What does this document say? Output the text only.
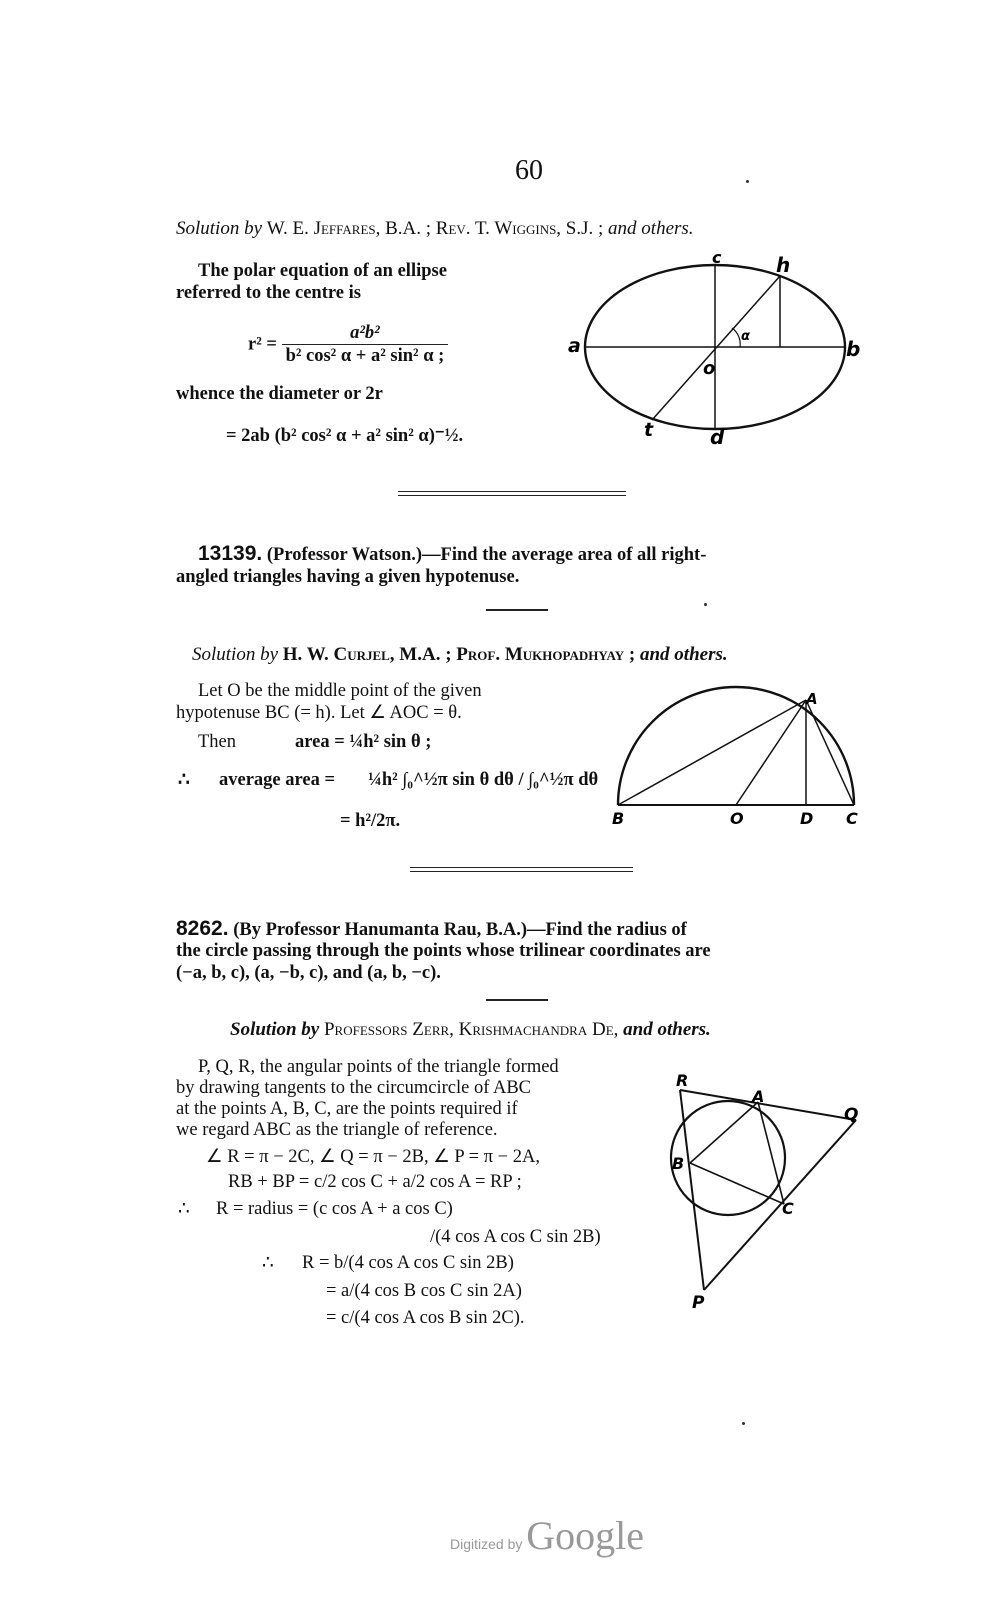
60
Solution by W. E. Jeffares, B.A. ; Rev. T. Wiggins, S.J. ; and others.
The polar equation of an ellipse
referred to the centre is
$r^2 = \frac{\text{a²b²}}{\text{b² cos² α + a² sin² α ;}}$
whence the diameter or 2r
= 2ab (b² cos² α + a² sin² α)⁻½.
c	h
a	b
α
o
t	d
13139. (Professor Watson.)—Find the average area of all right-
angled triangles having a given hypotenuse.
Solution by H. W. Curjel, M.A. ; Prof. Mukhopadhyay ; and others.
Let O be the middle point of the given
hypotenuse BC (= h). Let ∠ AOC = θ.
Then	area = ¼h² sin θ ;
∴ average area = ¼h² ∫₀^½π sin θ dθ / ∫₀^½π dθ
= h²/2π.
A
B	O	D C
8262. (By Professor Hanumanta Rau, B.A.)—Find the radius of
the circle passing through the points whose trilinear coordinates are
(−a, b, c), (a, −b, c), and (a, b, −c).
Solution by Professors Zerr, Krishmachandra De, and others.
P, Q, R, the angular points of the triangle formed
by drawing tangents to the circumcircle of ABC
at the points A, B, C, are the points required if
we regard ABC as the triangle of reference.
∠ R = π − 2C, ∠ Q = π − 2B, ∠ P = π − 2A,
RB + BP = c/2 cos C + a/2 cos A = RP ;
∴ R = radius = (c cos A + a cos C)
/(4 cos A cos C sin 2B)
∴ R = b/(4 cos A cos C sin 2B)
= a/(4 cos B cos C sin 2A)
= c/(4 cos A cos B sin 2C).
R
A
Q
B
C
P
Digitized by Google
